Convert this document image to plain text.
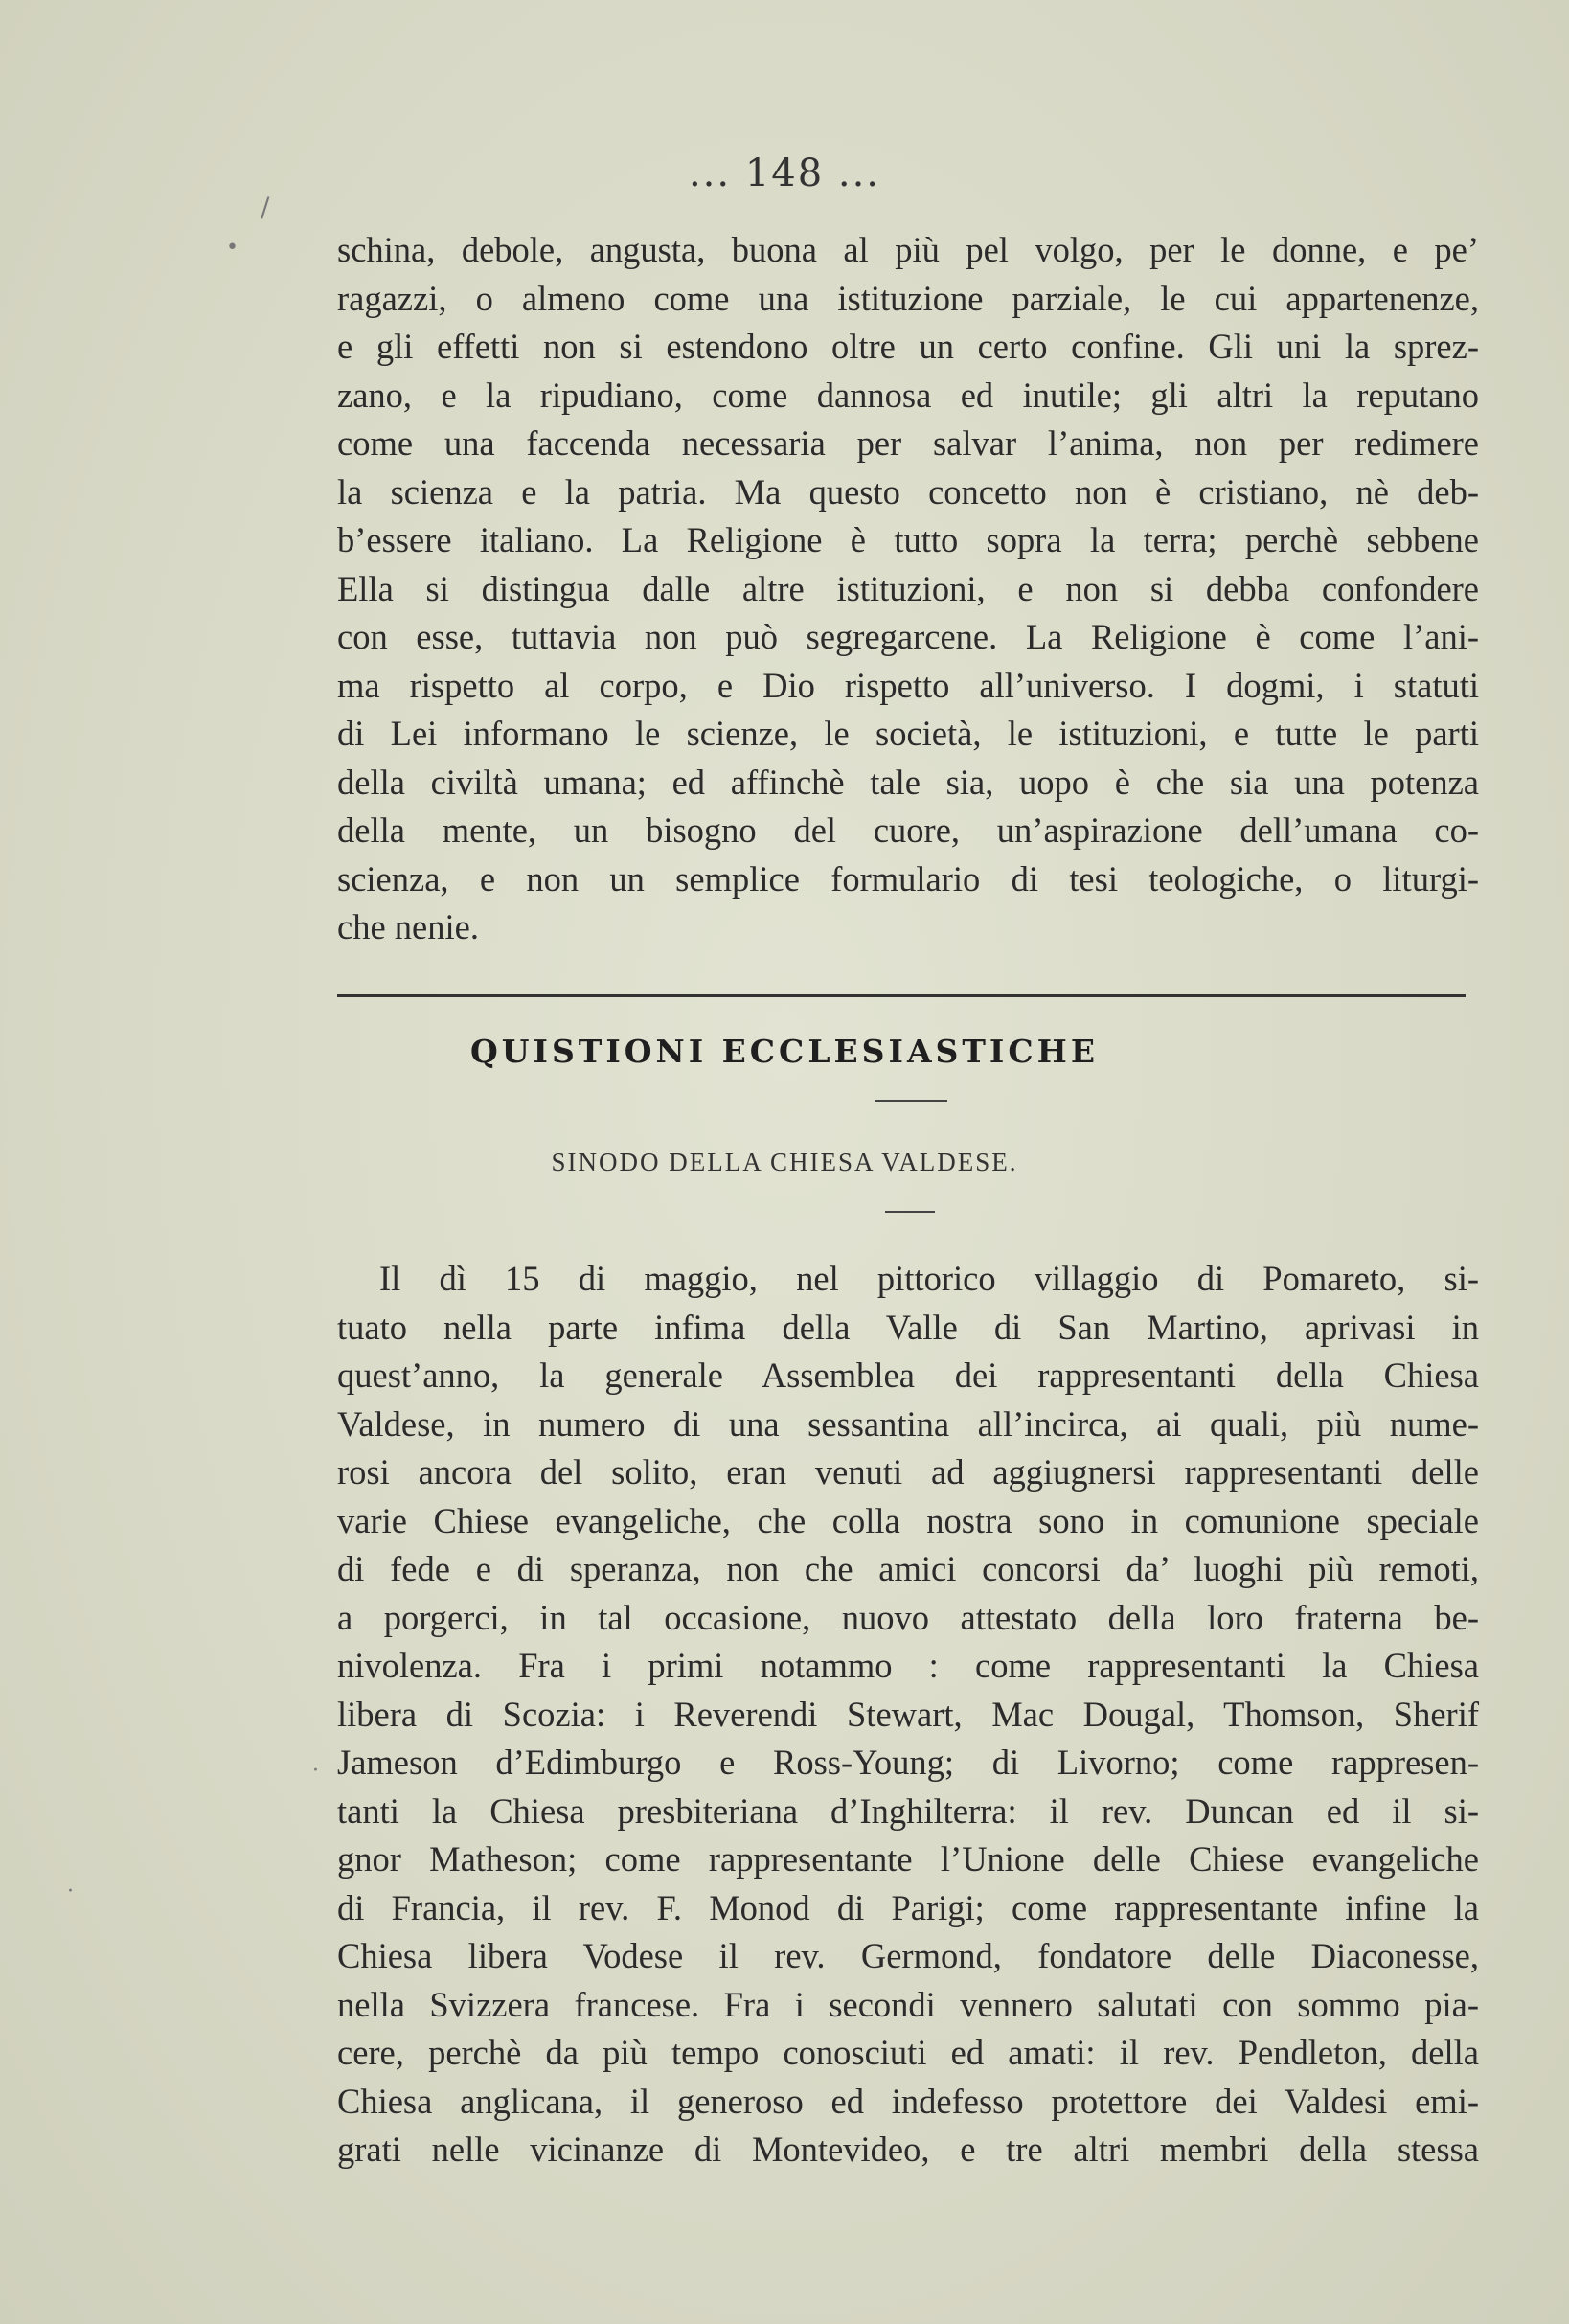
... 148 ...
•
/
schina, debole, angusta, buona al più pel volgo, per le donne, e pe’
ragazzi, o almeno come una istituzione parziale, le cui appartenenze,
e gli effetti non si estendono oltre un certo confine. Gli uni la sprez-
zano, e la ripudiano, come dannosa ed inutile; gli altri la reputano
come una faccenda necessaria per salvar l’anima, non per redimere
la scienza e la patria. Ma questo concetto non è cristiano, nè deb-
b’essere italiano. La Religione è tutto sopra la terra; perchè sebbene
Ella si distingua dalle altre istituzioni, e non si debba confondere
con esse, tuttavia non può segregarcene. La Religione è come l’ani-
ma rispetto al corpo, e Dio rispetto all’universo. I dogmi, i statuti
di Lei informano le scienze, le società, le istituzioni, e tutte le parti
della civiltà umana; ed affinchè tale sia, uopo è che sia una potenza
della mente, un bisogno del cuore, un’aspirazione dell’umana co-
scienza, e non un semplice formulario di tesi teologiche, o liturgi-
che nenie.
QUISTIONI ECCLESIASTICHE
SINODO DELLA CHIESA VALDESE.
Il dì 15 di maggio, nel pittorico villaggio di Pomareto, si-
tuato nella parte infima della Valle di San Martino, aprivasi in
quest’anno, la generale Assemblea dei rappresentanti della Chiesa
Valdese, in numero di una sessantina all’incirca, ai quali, più nume-
rosi ancora del solito, eran venuti ad aggiugnersi rappresentanti delle
varie Chiese evangeliche, che colla nostra sono in comunione speciale
di fede e di speranza, non che amici concorsi da’ luoghi più remoti,
a porgerci, in tal occasione, nuovo attestato della loro fraterna be-
nivolenza. Fra i primi notammo : come rappresentanti la Chiesa
libera di Scozia: i Reverendi Stewart, Mac Dougal, Thomson, Sherif
Jameson d’Edimburgo e Ross-Young; di Livorno; come rappresen-
tanti la Chiesa presbiteriana d’Inghilterra: il rev. Duncan ed il si-
gnor Matheson; come rappresentante l’Unione delle Chiese evangeliche
di Francia, il rev. F. Monod di Parigi; come rappresentante infine la
Chiesa libera Vodese il rev. Germond, fondatore delle Diaconesse,
nella Svizzera francese. Fra i secondi vennero salutati con sommo pia-
cere, perchè da più tempo conosciuti ed amati: il rev. Pendleton, della
Chiesa anglicana, il generoso ed indefesso protettore dei Valdesi emi-
grati nelle vicinanze di Montevideo, e tre altri membri della stessa
·
·
